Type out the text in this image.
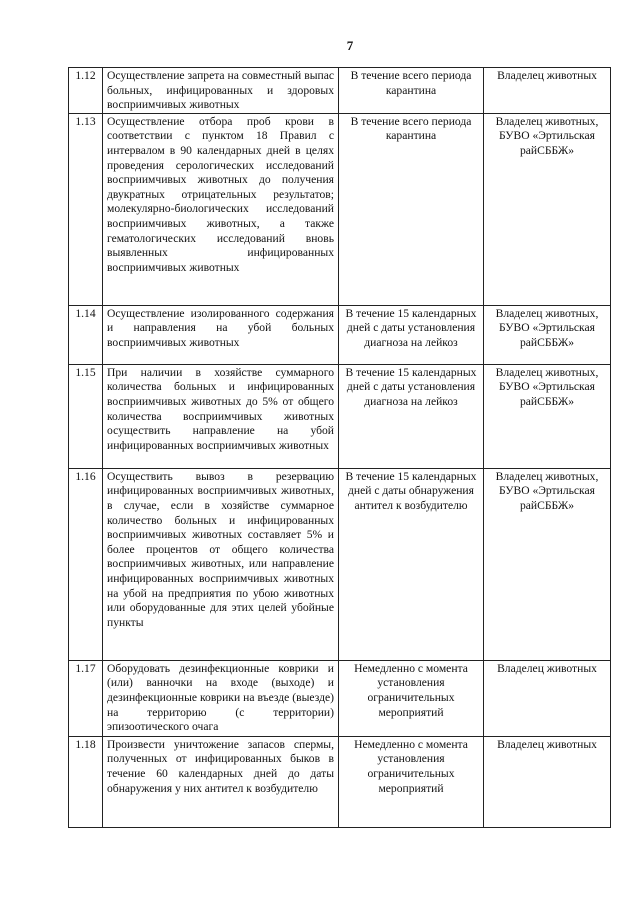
7
1.12	Осуществление запрета на совместный выпас больных, инфицированных и здоровых восприимчивых животных	В течение всего периода карантина	Владелец животных
1.13	Осуществление отбора проб крови в соответствии с пунктом 18 Правил с интервалом в 90 календарных дней в целях проведения серологических исследований восприимчивых животных до получения двукратных отрицательных результатов; молекулярно-биологических исследований восприимчивых животных, а также гематологических исследований вновь выявленных инфицированных восприимчивых животных	В течение всего периода карантина	Владелец животных, БУВО «Эртильская райСББЖ»
1.14	Осуществление изолированного содержания и направления на убой больных восприимчивых животных	В течение 15 календарных дней с даты установления диагноза на лейкоз	Владелец животных, БУВО «Эртильская райСББЖ»
1.15	При наличии в хозяйстве суммарного количества больных и инфицированных восприимчивых животных до 5% от общего количества восприимчивых животных осуществить направление на убой инфицированных восприимчивых животных	В течение 15 календарных дней с даты установления диагноза на лейкоз	Владелец животных, БУВО «Эртильская райСББЖ»
1.16	Осуществить вывоз в резервацию инфицированных восприимчивых животных, в случае, если в хозяйстве суммарное количество больных и инфицированных восприимчивых животных составляет 5% и более процентов от общего количества восприимчивых животных, или направление инфицированных восприимчивых животных на убой на предприятия по убою животных или оборудованные для этих целей убойные пункты	В течение 15 календарных дней с даты обнаружения антител к возбудителю	Владелец животных, БУВО «Эртильская райСББЖ»
1.17	Оборудовать дезинфекционные коврики и (или) ванночки на входе (выходе) и дезинфекционные коврики на въезде (выезде) на территорию (с территории) эпизоотического очага	Немедленно с момента установления ограничительных мероприятий	Владелец животных
1.18	Произвести уничтожение запасов спермы, полученных от инфицированных быков в течение 60 календарных дней до даты обнаружения у них антител к возбудителю	Немедленно с момента установления ограничительных мероприятий	Владелец животных
